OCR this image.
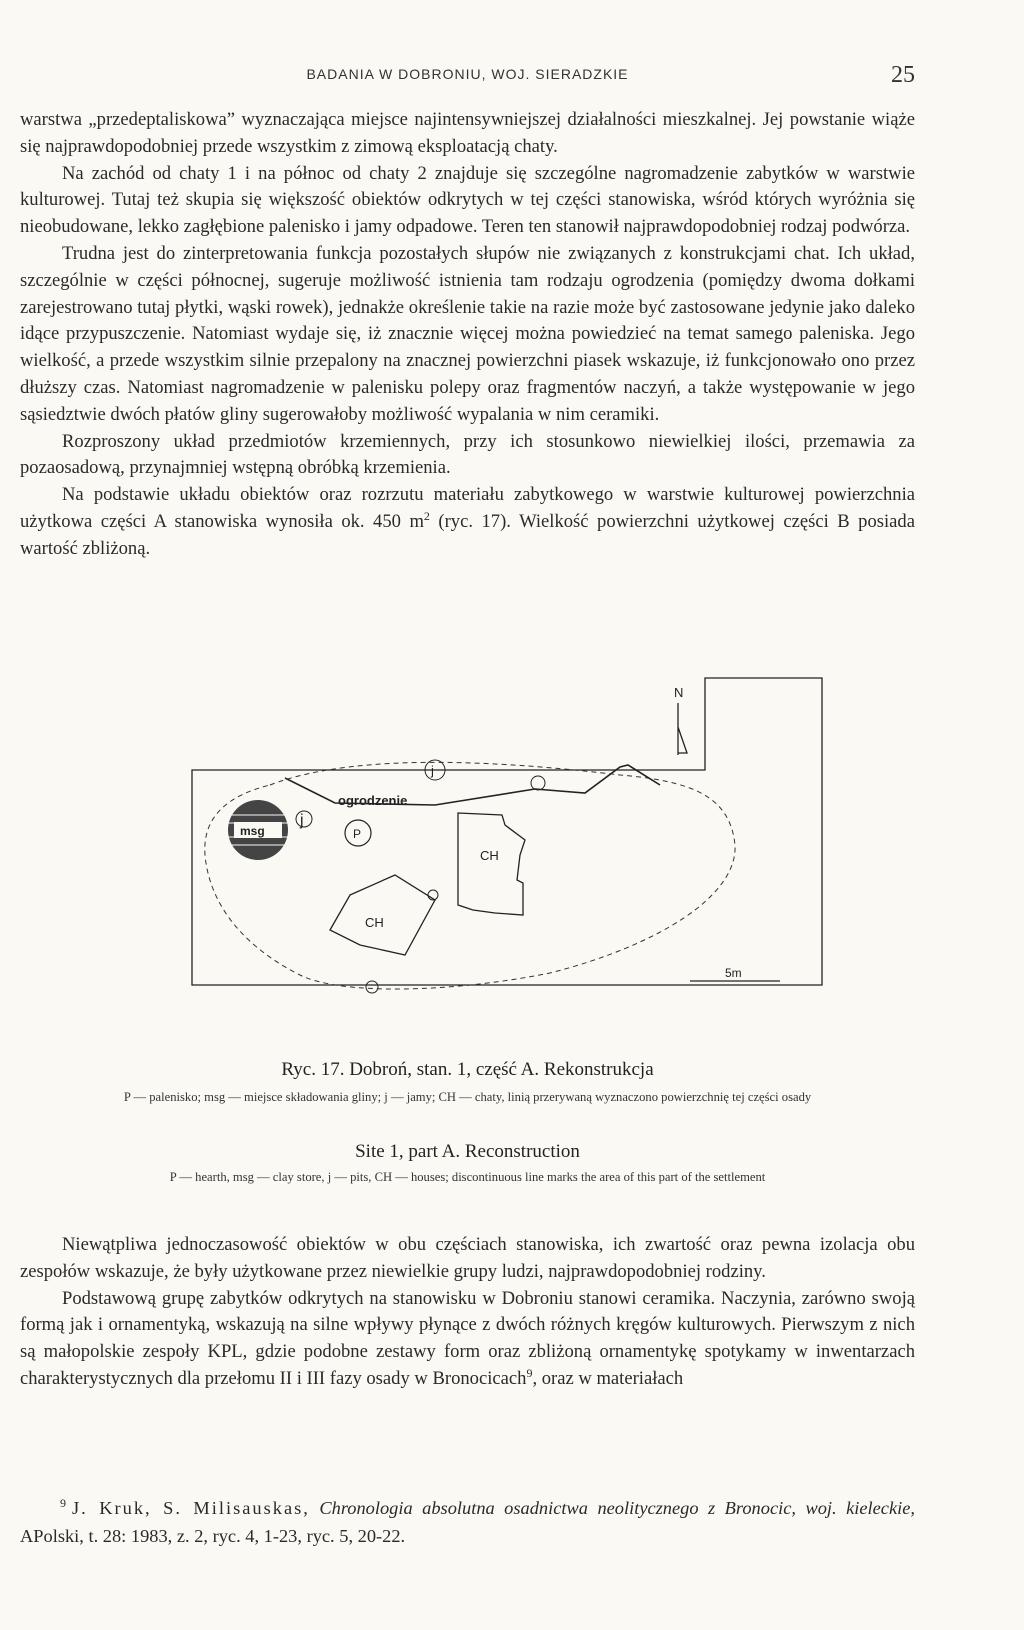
BADANIA W DOBRONIU, WOJ. SIERADZKIE	25

warstwa „przedeptaliskowa” wyznaczająca miejsce najintensywniejszej działalności mieszkalnej. Jej powstanie wiąże się najprawdopodobniej przede wszystkim z zimową eksploatacją chaty.

Na zachód od chaty 1 i na północ od chaty 2 znajduje się szczególne nagromadzenie zabytków w warstwie kulturowej. Tutaj też skupia się większość obiektów odkrytych w tej części stanowiska, wśród których wyróżnia się nieobudowane, lekko zagłębione palenisko i jamy odpadowe. Teren ten stanowił najprawdopodobniej rodzaj podwórza.

Trudna jest do zinterpretowania funkcja pozostałych słupów nie związanych z konstrukcjami chat. Ich układ, szczególnie w części północnej, sugeruje możliwość istnienia tam rodzaju ogrodzenia (pomiędzy dwoma dołkami zarejestrowano tutaj płytki, wąski rowek), jednakże określenie takie na razie może być zastosowane jedynie jako daleko idące przypuszczenie. Natomiast wydaje się, iż znacznie więcej można powiedzieć na temat samego paleniska. Jego wielkość, a przede wszystkim silnie przepalony na znacznej powierzchni piasek wskazuje, iż funkcjonowało ono przez dłuższy czas. Natomiast nagromadzenie w palenisku polepy oraz fragmentów naczyń, a także występowanie w jego sąsiedztwie dwóch płatów gliny sugerowałoby możliwość wypalania w nim ceramiki.

Rozproszony układ przedmiotów krzemiennych, przy ich stosunkowo niewielkiej ilości, przemawia za pozaosadową, przynajmniej wstępną obróbką krzemienia.

Na podstawie układu obiektów oraz rozrzutu materiału zabytkowego w warstwie kulturowej powierzchnia użytkowa części A stanowiska wynosiła ok. 450 $m^2$ (ryc. 17). Wielkość powierzchni użytkowej części B posiada wartość zbliżoną.

N
ogrodzenie
msg
j
j
P
CH
CH
5m
Ryc. 17. Dobroń, stan. 1, część A. Rekonstrukcja
P — palenisko; msg — miejsce składowania gliny; j — jamy; CH — chaty, linią przerywaną wyznaczono powierzchnię tej części osady
Site 1, part A. Reconstruction
P — hearth, msg — clay store, j — pits, CH — houses; discontinuous line marks the area of this part of the settlement

Niewątpliwa jednoczasowość obiektów w obu częściach stanowiska, ich zwartość oraz pewna izolacja obu zespołów wskazuje, że były użytkowane przez niewielkie grupy ludzi, najprawdopodobniej rodziny.

Podstawową grupę zabytków odkrytych na stanowisku w Dobroniu stanowi ceramika. Naczynia, zarówno swoją formą jak i ornamentyką, wskazują na silne wpływy płynące z dwóch różnych kręgów kulturowych. Pierwszym z nich są małopolskie zespoły KPL, gdzie podobne zestawy form oraz zbliżoną ornamentykę spotykamy w inwentarzach charakterystycznych dla przełomu II i III fazy osady w Bronocicach$^9$, oraz w materiałach

$^9$ J. Kruk, S. Milisauskas, Chronologia absolutna osadnictwa neolitycznego z Bronocic, woj. kieleckie, APolski, t. 28: 1983, z. 2, ryc. 4, 1-23, ryc. 5, 20-22.
